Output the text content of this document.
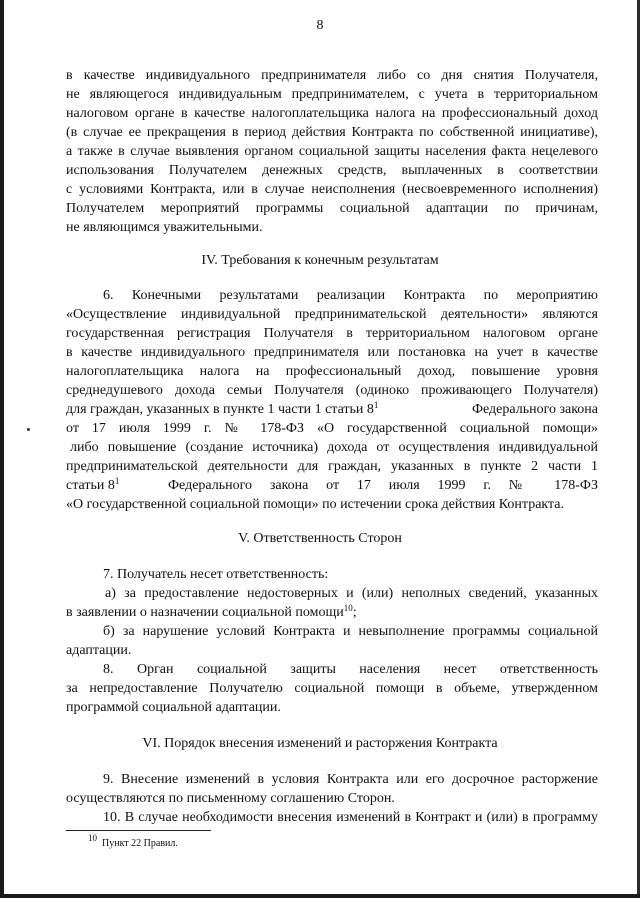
8
в качестве индивидуального предпринимателя либо со дня снятия Получателя,
не являющегося индивидуальным предпринимателем, с учета в территориальном
налоговом органе в качестве налогоплательщика налога на профессиональный доход
(в случае ее прекращения в период действия Контракта по собственной инициативе),
а также в случае выявления органом социальной защиты населения факта нецелевого
использования Получателем денежных средств, выплаченных в соответствии
с условиями Контракта, или в случае неисполнения (несвоевременного исполнения)
Получателем мероприятий программы социальной адаптации по причинам,
не являющимся уважительными.
IV. Требования к конечным результатам
6. Конечными результатами реализации Контракта по мероприятию
«Осуществление индивидуальной предпринимательской деятельности» являются
государственная регистрация Получателя в территориальном налоговом органе
в качестве индивидуального предпринимателя или постановка на учет в качестве
налогоплательщика налога на профессиональный доход, повышение уровня
среднедушевого дохода семьи Получателя (одиноко проживающего Получателя)
для граждан, указанных в пункте 1 части 1 статьи $8^1$	Федерального закона
от 17 июля 1999 г. № 178-ФЗ «О государственной социальной помощи»
либо повышение (создание источника) дохода от осуществления индивидуальной
предпринимательской деятельности для граждан, указанных в пункте 2 части 1
статьи $8^1$	Федерального закона от 17 июля 1999 г. № 178-ФЗ
«О государственной социальной помощи» по истечении срока действия Контракта.
V. Ответственность Сторон
7. Получатель несет ответственность:
а) за предоставление недостоверных и (или) неполных сведений, указанных
в заявлении о назначении социальной помощи$^{10}$;
б) за нарушение условий Контракта и невыполнение программы социальной
адаптации.
8. Орган социальной защиты населения несет ответственность
за непредоставление Получателю социальной помощи в объеме, утвержденном
программой социальной адаптации.
VI. Порядок внесения изменений и расторжения Контракта
9. Внесение изменений в условия Контракта или его досрочное расторжение
осуществляются по письменному соглашению Сторон.
10. В случае необходимости внесения изменений в Контракт и (или) в программу
$^{10}$ Пункт 22 Правил.
